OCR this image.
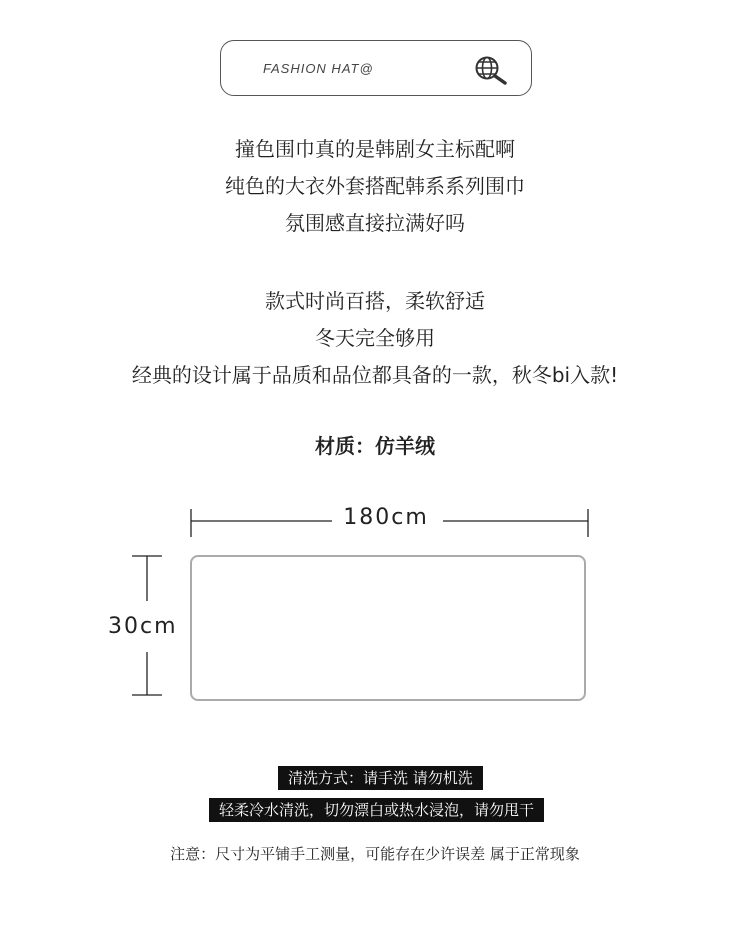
FASHION HAT@
撞色围巾真的是韩剧女主标配啊
纯色的大衣外套搭配韩系系列围巾
氛围感直接拉满好吗
款式时尚百搭，柔软舒适
冬天完全够用
经典的设计属于品质和品位都具备的一款，秋冬bi入款!
材质：仿羊绒
180cm
30cm
清洗方式：请手洗 请勿机洗
轻柔冷水清洗，切勿漂白或热水浸泡，请勿甩干
注意：尺寸为平铺手工测量，可能存在少许误差 属于正常现象
